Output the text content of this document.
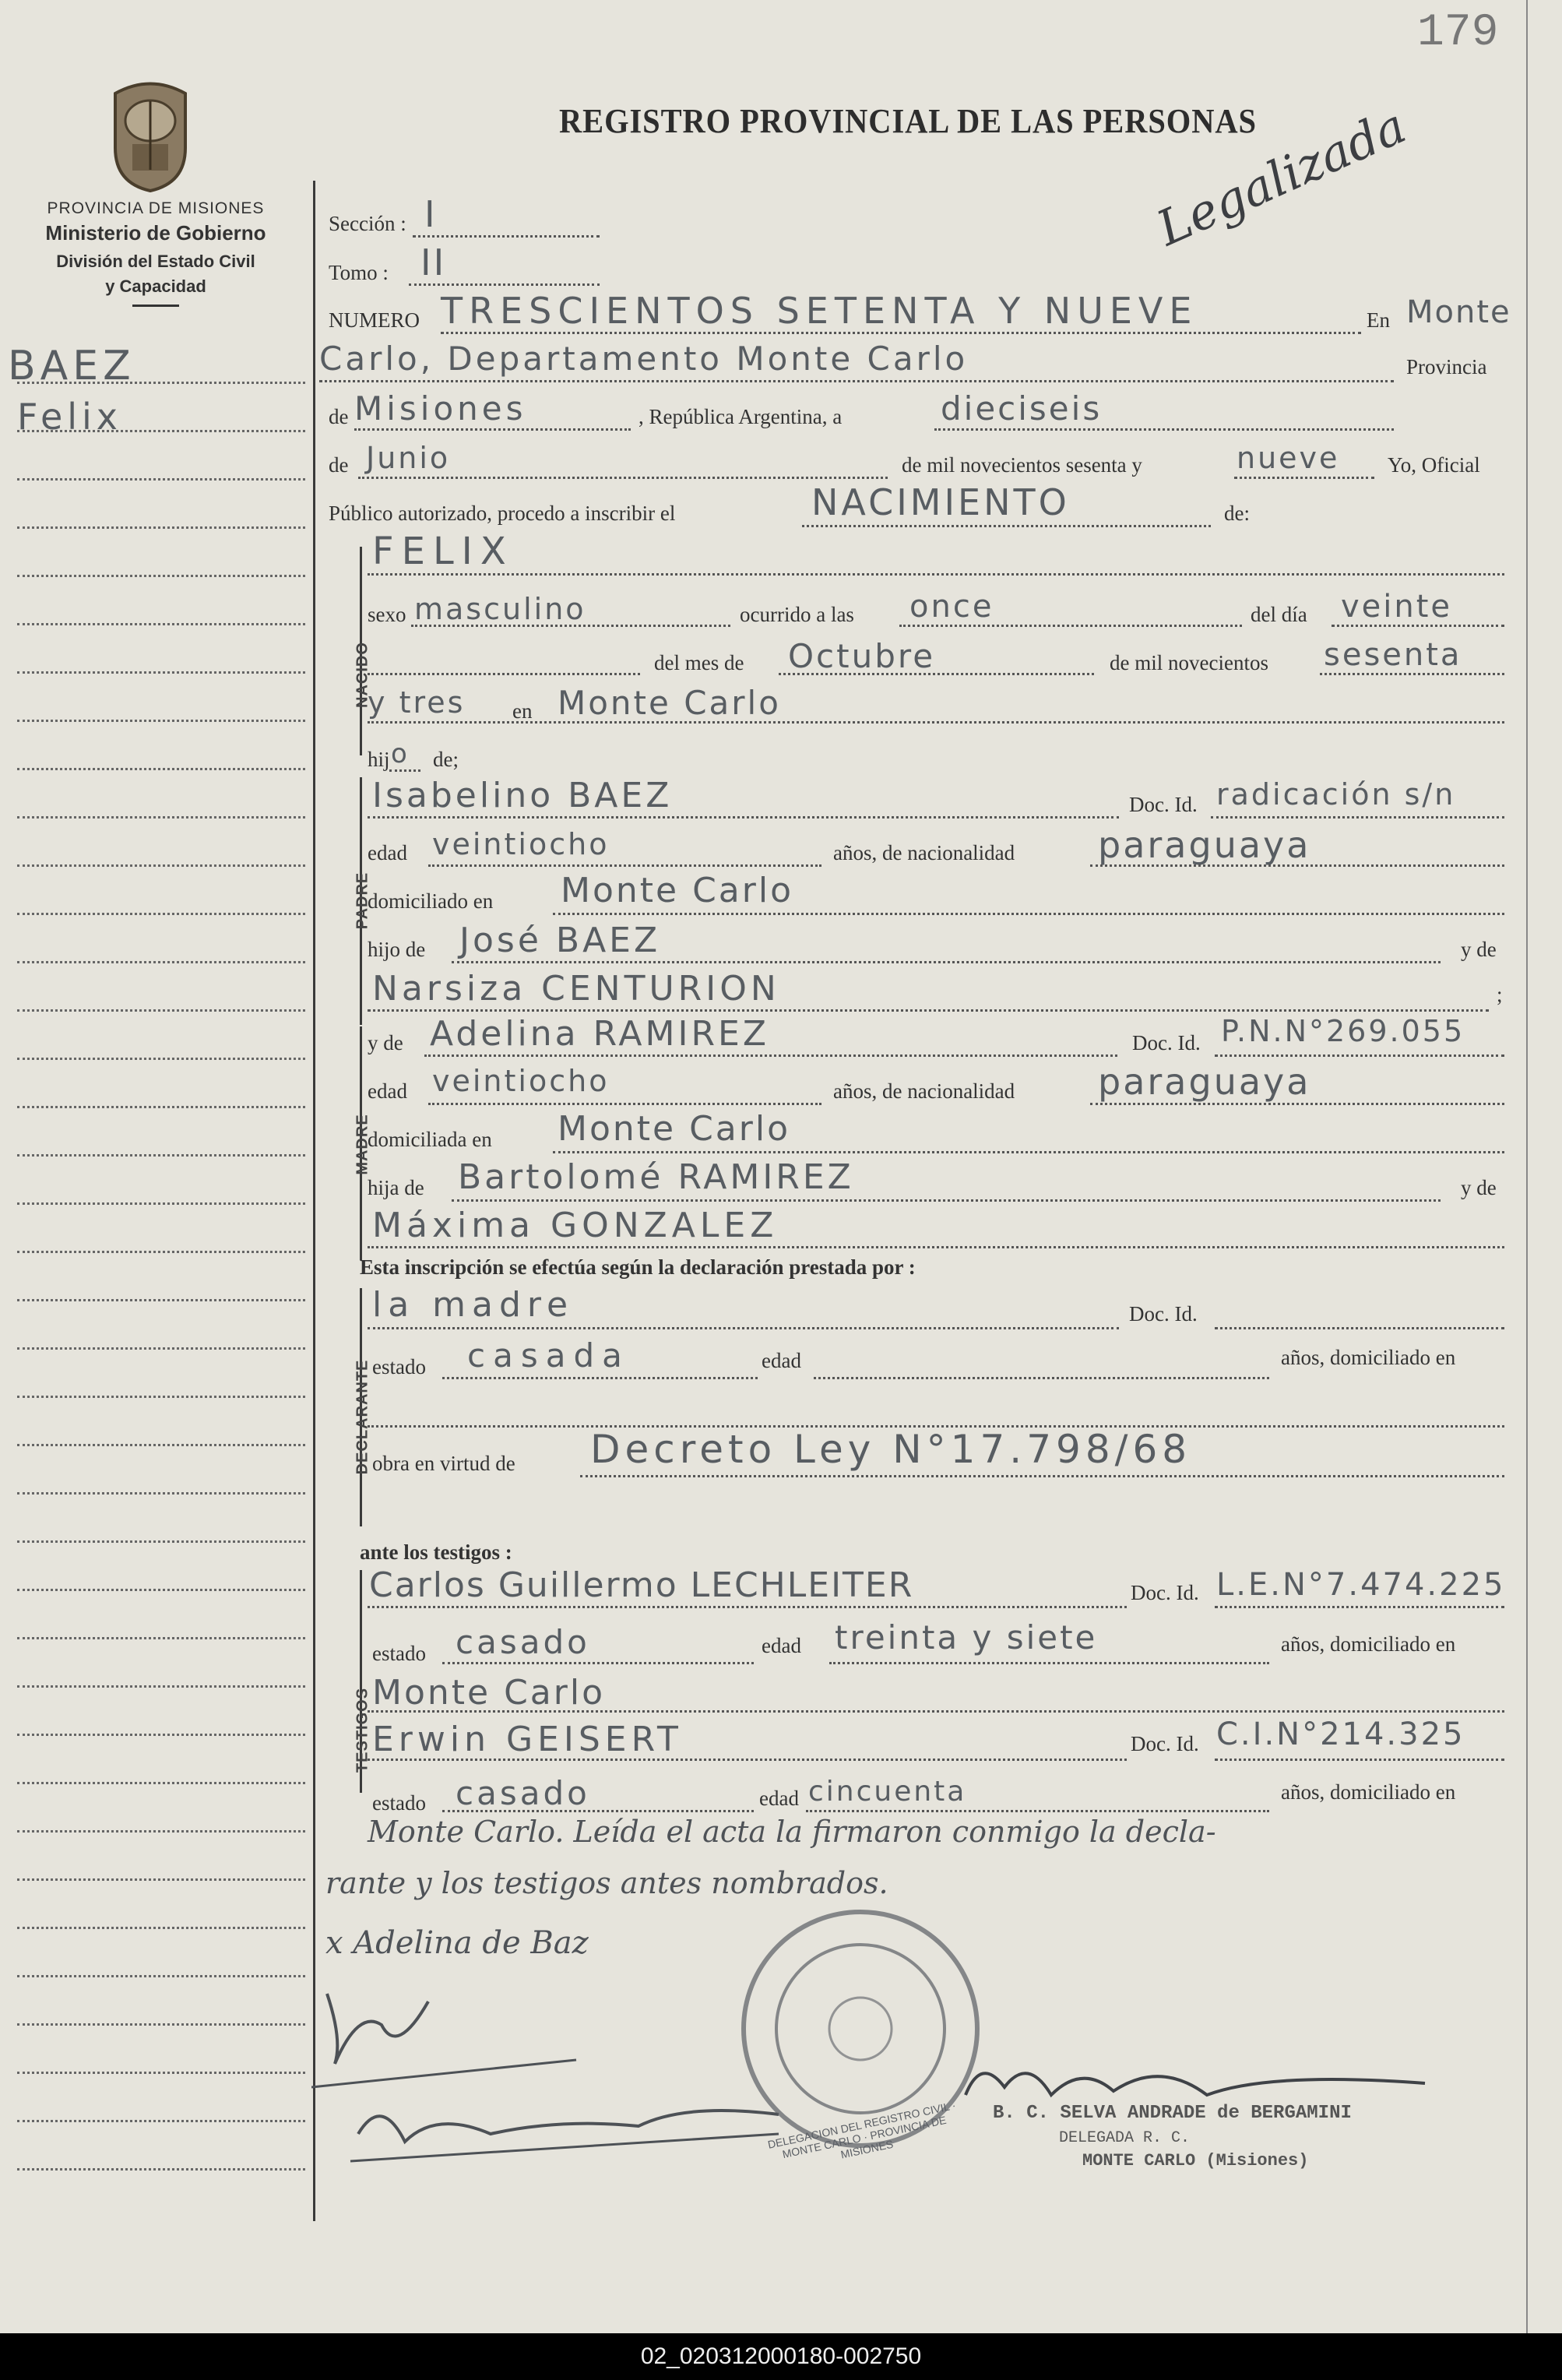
179
PROVINCIA DE MISIONES
Ministerio de Gobierno
División del Estado Civil
y Capacidad
REGISTRO PROVINCIAL DE LAS PERSONAS
BAEZ
Felix
Legalizada
Sección : I
Tomo : II
NUMERO TRESCIENTOS SETENTA Y NUEVE	En Monte
Carlo, Departamento Monte Carlo	Provincia
de Misiones	, República Argentina, a	dieciseis
de Junio	de mil novecientos sesenta y	nueve Yo, Oficial
Público autorizado, procedo a inscribir el	NACIMIENTO	de:
NACIDO
FELIX
sexo masculino	ocurrido a las once	del día veinte
del mes de Octubre	de mil novecientos sesenta
y tres en Monte Carlo
hij o de;
PADRE
Isabelino BAEZ	Doc. Id. radicación s/n
edad veintiocho	años, de nacionalidad paraguaya
domiciliado en Monte Carlo
hijo de José BAEZ	y de
Narsiza CENTURION	;
MADRE
y de Adelina RAMIREZ	Doc. Id. P.N.N°269.055
edad veintiocho	años, de nacionalidad paraguaya
domiciliada en Monte Carlo
hija de Bartolomé RAMIREZ	y de
Máxima GONZALEZ
Esta inscripción se efectúa según la declaración prestada por :
DECLARANTE
la madre	Doc. Id.
estado casada	edad	años, domiciliado en
obra en virtud de Decreto Ley N°17.798/68
ante los testigos :
TESTIGOS
Carlos Guillermo LECHLEITER	Doc. Id. L.E.N°7.474.225
estado casado	edad treinta y siete	años, domiciliado en
Monte Carlo
Erwin GEISERT	Doc. Id. C.I.N°214.325
estado casado	edad cincuenta	años, domiciliado en
Monte Carlo. Leída el acta la firmaron conmigo la decla-
rante y los testigos antes nombrados.
x Adelina de Baz
DELEGACION DEL REGISTRO CIVIL · MONTE CARLO · PROVINCIA DE MISIONES
B. C. SELVA ANDRADE de BERGAMINI
DELEGADA R. C.
MONTE CARLO (Misiones)
02_020312000180-002750
